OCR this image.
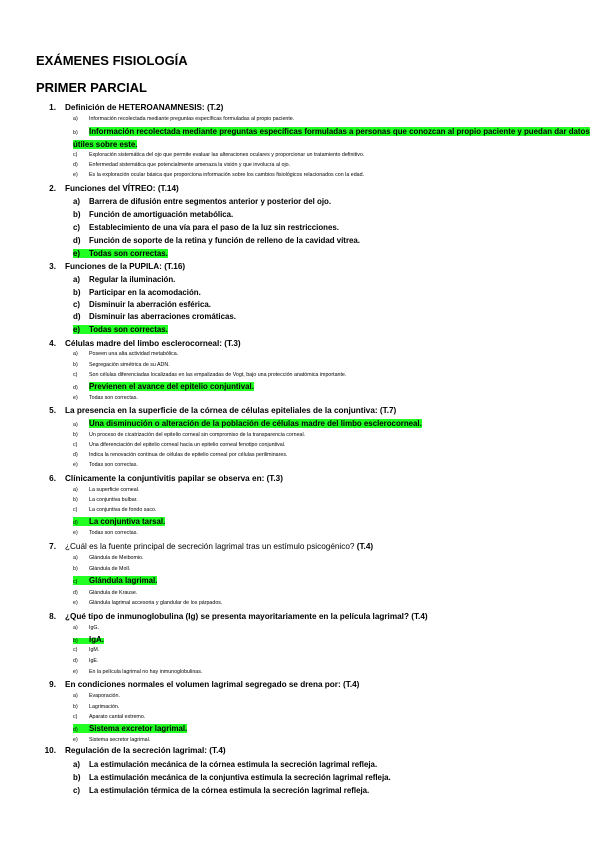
EXÁMENES FISIOLOGÍA
PRIMER PARCIAL
1. Definición de HETEROANAMNESIS: (T.2)
a) Información recolectada mediante preguntas específicas formuladas al propio paciente.
b) Información recolectada mediante preguntas específicas formuladas a personas que conozcan al propio paciente y puedan dar datos útiles sobre este.
c) Exploración sistemática del ojo que permite evaluar las alteraciones oculares y proporcionar un tratamiento definitivo.
d) Enfermedad sistemática que potencialmente amenaza la visión y que involucra al ojo.
e) Es la exploración ocular básica que proporciona información sobre los cambios fisiológicos relacionados con la edad.
2. Funciones del VÍTREO: (T.14)
a) Barrera de difusión entre segmentos anterior y posterior del ojo.
b) Función de amortiguación metabólica.
c) Establecimiento de una vía para el paso de la luz sin restricciones.
d) Función de soporte de la retina y función de relleno de la cavidad vítrea.
e) Todas son correctas.
3. Funciones de la PUPILA: (T.16)
a) Regular la iluminación.
b) Participar en la acomodación.
c) Disminuir la aberración esférica.
d) Disminuir las aberraciones cromáticas.
e) Todas son correctas.
4. Células madre del limbo esclerocorneal: (T.3)
a) Poseen una alta actividad metabólica.
b) Segregación simétrica de su ADN.
c) Son células diferenciadas localizadas en las empalizadas de Vogt, bajo una protección anatómica importante.
d) Previenen el avance del epitelio conjuntival.
e) Todas son correctas.
5. La presencia en la superficie de la córnea de células epiteliales de la conjuntiva: (T.7)
a) Una disminución o alteración de la población de células madre del limbo esclerocorneal.
b) Un proceso de cicatrización del epitelio corneal sin compromiso de la transparencia corneal.
c) Una diferenciación del epitelio corneal hacia un epitelio corneal fenotipo conjuntival.
d) Indica la renovación continua de células de epitelio corneal por células periliminares.
e) Todas son correctas.
6. Clínicamente la conjuntivitis papilar se observa en: (T.3)
a) La superficie corneal.
b) La conjuntiva bulbar.
c) La conjuntiva de fondo saco.
d) La conjuntiva tarsal.
e) Todas son correctas.
7. ¿Cuál es la fuente principal de secreción lagrimal tras un estímulo psicogénico? (T.4)
a) Glándula de Meibomio.
b) Glándula de Moll.
c) Glándula lagrimal.
d) Glándula de Krause.
e) Glándula lagrimal accesoria y glandular de los párpados.
8. ¿Qué tipo de inmunoglobulina (Ig) se presenta mayoritariamente en la película lagrimal? (T.4)
a) IgG.
b) IgA.
c) IgM.
d) IgE.
e) En la película lagrimal no hay inmunoglobulinas.
9. En condiciones normales el volumen lagrimal segregado se drena por: (T.4)
a) Evaporación.
b) Lagrimación.
c) Aparato cantal extremo.
d) Sistema excretor lagrimal.
e) Sistema secretor lagrimal.
10. Regulación de la secreción lagrimal: (T.4)
a) La estimulación mecánica de la córnea estimula la secreción lagrimal refleja.
b) La estimulación mecánica de la conjuntiva estimula la secreción lagrimal refleja.
c) La estimulación térmica de la córnea estimula la secreción lagrimal refleja.
